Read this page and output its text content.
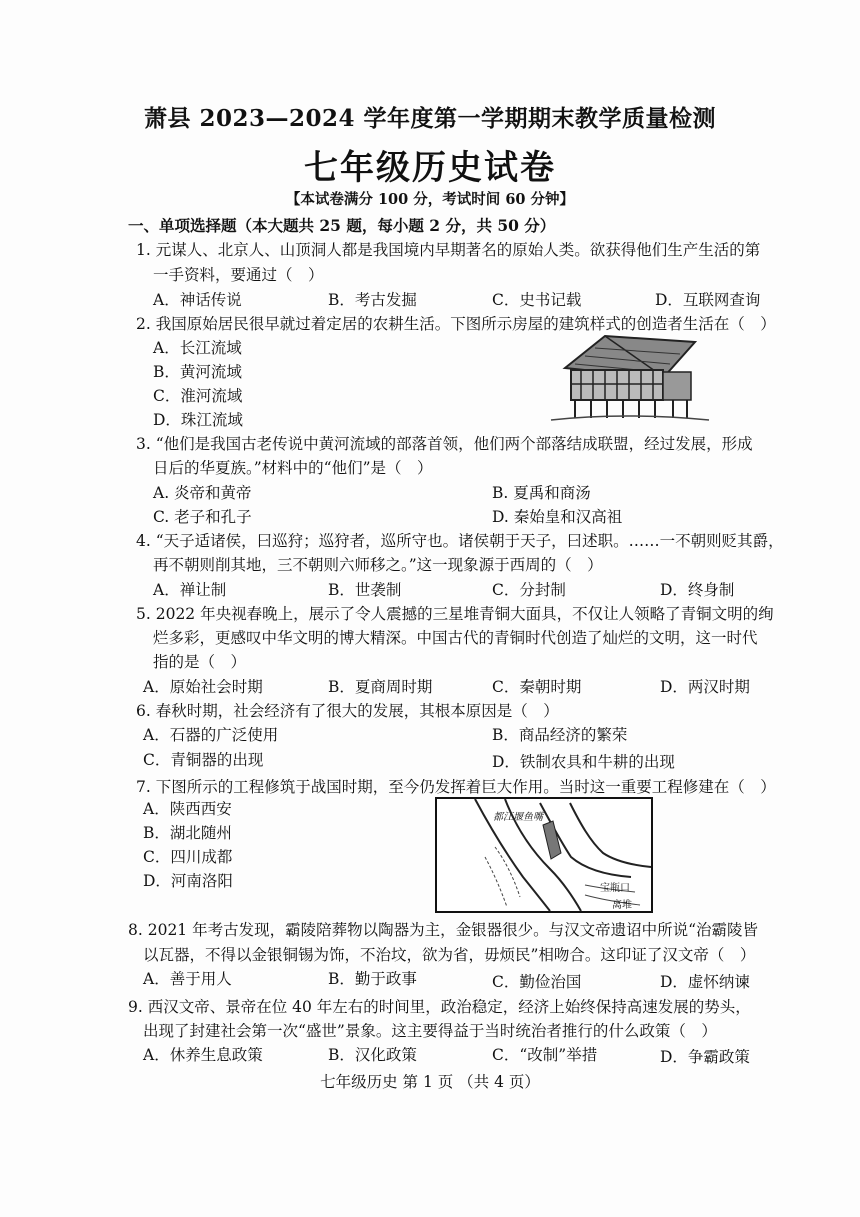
萧县 2023—2024 学年度第一学期期末教学质量检测
七年级历史试卷
【本试卷满分 100 分，考试时间 60 分钟】
一、单项选择题（本大题共 25 题，每小题 2 分，共 50 分）
1. 元谋人、北京人、山顶洞人都是我国境内早期著名的原始人类。欲获得他们生产生活的第
一手资料，要通过（　）
A．神话传说	B．考古发掘	C．史书记载	D．互联网查询
2. 我国原始居民很早就过着定居的农耕生活。下图所示房屋的建筑样式的创造者生活在（　）
A．长江流域
B．黄河流域
C．淮河流域
D．珠江流域
3. “他们是我国古老传说中黄河流域的部落首领，他们两个部落结成联盟，经过发展，形成
日后的华夏族。”材料中的“他们”是（　）
A. 炎帝和黄帝	B. 夏禹和商汤
C. 老子和孔子	D. 秦始皇和汉高祖
4. “天子适诸侯，曰巡狩；巡狩者，巡所守也。诸侯朝于天子，曰述职。……一不朝则贬其爵，
再不朝则削其地，三不朝则六师移之。”这一现象源于西周的（　）
A．禅让制	B．世袭制	C．分封制	D．终身制
5. 2022 年央视春晚上，展示了令人震撼的三星堆青铜大面具，不仅让人领略了青铜文明的绚
烂多彩，更感叹中华文明的博大精深。中国古代的青铜时代创造了灿烂的文明，这一时代
指的是（　）
A．原始社会时期	B．夏商周时期	C．秦朝时期	D．两汉时期
6. 春秋时期，社会经济有了很大的发展，其根本原因是（　）
A．石器的广泛使用	B．商品经济的繁荣
C．青铜器的出现	D．铁制农具和牛耕的出现
7. 下图所示的工程修筑于战国时期，至今仍发挥着巨大作用。当时这一重要工程修建在（　）
A．陕西西安
B．湖北随州
C．四川成都
D．河南洛阳
都江堰鱼嘴
宝瓶口
离堆
8. 2021 年考古发现，霸陵陪葬物以陶器为主，金银器很少。与汉文帝遗诏中所说“治霸陵皆
以瓦器，不得以金银铜锡为饰，不治坟，欲为省，毋烦民”相吻合。这印证了汉文帝（　）
A．善于用人	B．勤于政事	C．勤俭治国	D．虚怀纳谏
9. 西汉文帝、景帝在位 40 年左右的时间里，政治稳定，经济上始终保持高速发展的势头，
出现了封建社会第一次“盛世”景象。这主要得益于当时统治者推行的什么政策（　）
A．休养生息政策	B．汉化政策	C．“改制”举措	D．争霸政策
七年级历史 第 1 页 （共 4 页）
